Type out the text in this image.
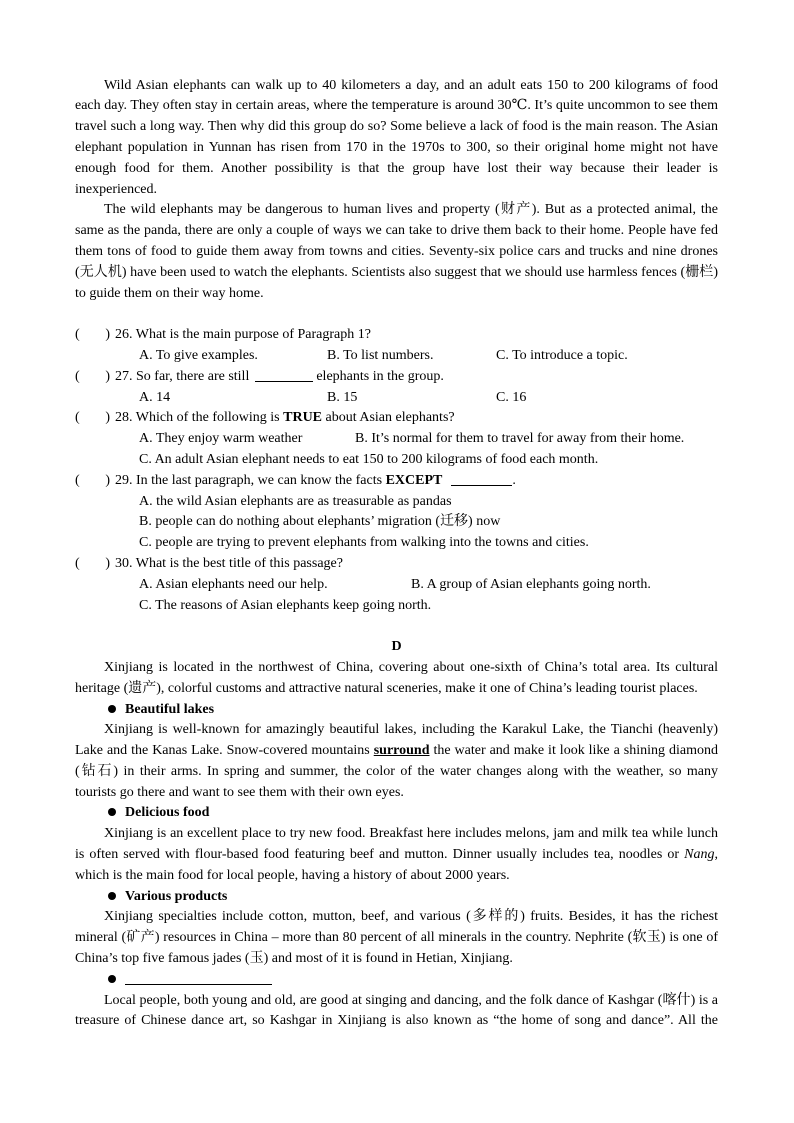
Wild Asian elephants can walk up to 40 kilometers a day, and an adult eats 150 to 200 kilograms of food each day. They often stay in certain areas, where the temperature is around 30℃. It’s quite uncommon to see them travel such a long way. Then why did this group do so? Some believe a lack of food is the main reason. The Asian elephant population in Yunnan has risen from 170 in the 1970s to 300, so their original home might not have enough food for them. Another possibility is that the group have lost their way because their leader is inexperienced.

The wild elephants may be dangerous to human lives and property (财产). But as a protected animal, the same as the panda, there are only a couple of ways we can take to drive them back to their home. People have fed them tons of food to guide them away from towns and cities. Seventy-six police cars and trucks and nine drones (无人机) have been used to watch the elephants. Scientists also suggest that we should use harmless fences (栅栏) to guide them on their way home.

( ) 26. What is the main purpose of Paragraph 1?
A. To give examples.	B. To list numbers.	C. To introduce a topic.
( ) 27. So far, there are still	elephants in the group.
A. 14	B. 15	C. 16
( ) 28. Which of the following is TRUE about Asian elephants?
A. They enjoy warm weather	B. It’s normal for them to travel for away from their home.
C. An adult Asian elephant needs to eat 150 to 200 kilograms of food each month.
( ) 29. In the last paragraph, we can know the facts EXCEPT	.
A. the wild Asian elephants are as treasurable as pandas
B. people can do nothing about elephants’ migration (迁移) now
C. people are trying to prevent elephants from walking into the towns and cities.
( ) 30. What is the best title of this passage?
A. Asian elephants need our help.	B. A group of Asian elephants going north.
C. The reasons of Asian elephants keep going north.

D

Xinjiang is located in the northwest of China, covering about one-sixth of China’s total area. Its cultural heritage (遗产), colorful customs and attractive natural sceneries, make it one of China’s leading tourist places.

Beautiful lakes

Xinjiang is well-known for amazingly beautiful lakes, including the Karakul Lake, the Tianchi (heavenly) Lake and the Kanas Lake. Snow-covered mountains surround the water and make it look like a shining diamond (钻石) in their arms. In spring and summer, the color of the water changes along with the weather, so many tourists go there and want to see them with their own eyes.

Delicious food

Xinjiang is an excellent place to try new food. Breakfast here includes melons, jam and milk tea while lunch is often served with flour-based food featuring beef and mutton. Dinner usually includes tea, noodles or Nang, which is the main food for local people, having a history of about 2000 years.

Various products

Xinjiang specialties include cotton, mutton, beef, and various (多样的) fruits. Besides, it has the richest mineral (矿产) resources in China – more than 80 percent of all minerals in the country. Nephrite (软玉) is one of China’s top five famous jades (玉) and most of it is found in Hetian, Xinjiang.

Local people, both young and old, are good at singing and dancing, and the folk dance of Kashgar (喀什) is a treasure of Chinese dance art, so Kashgar in Xinjiang is also known as “the home of song and dance”. All the
